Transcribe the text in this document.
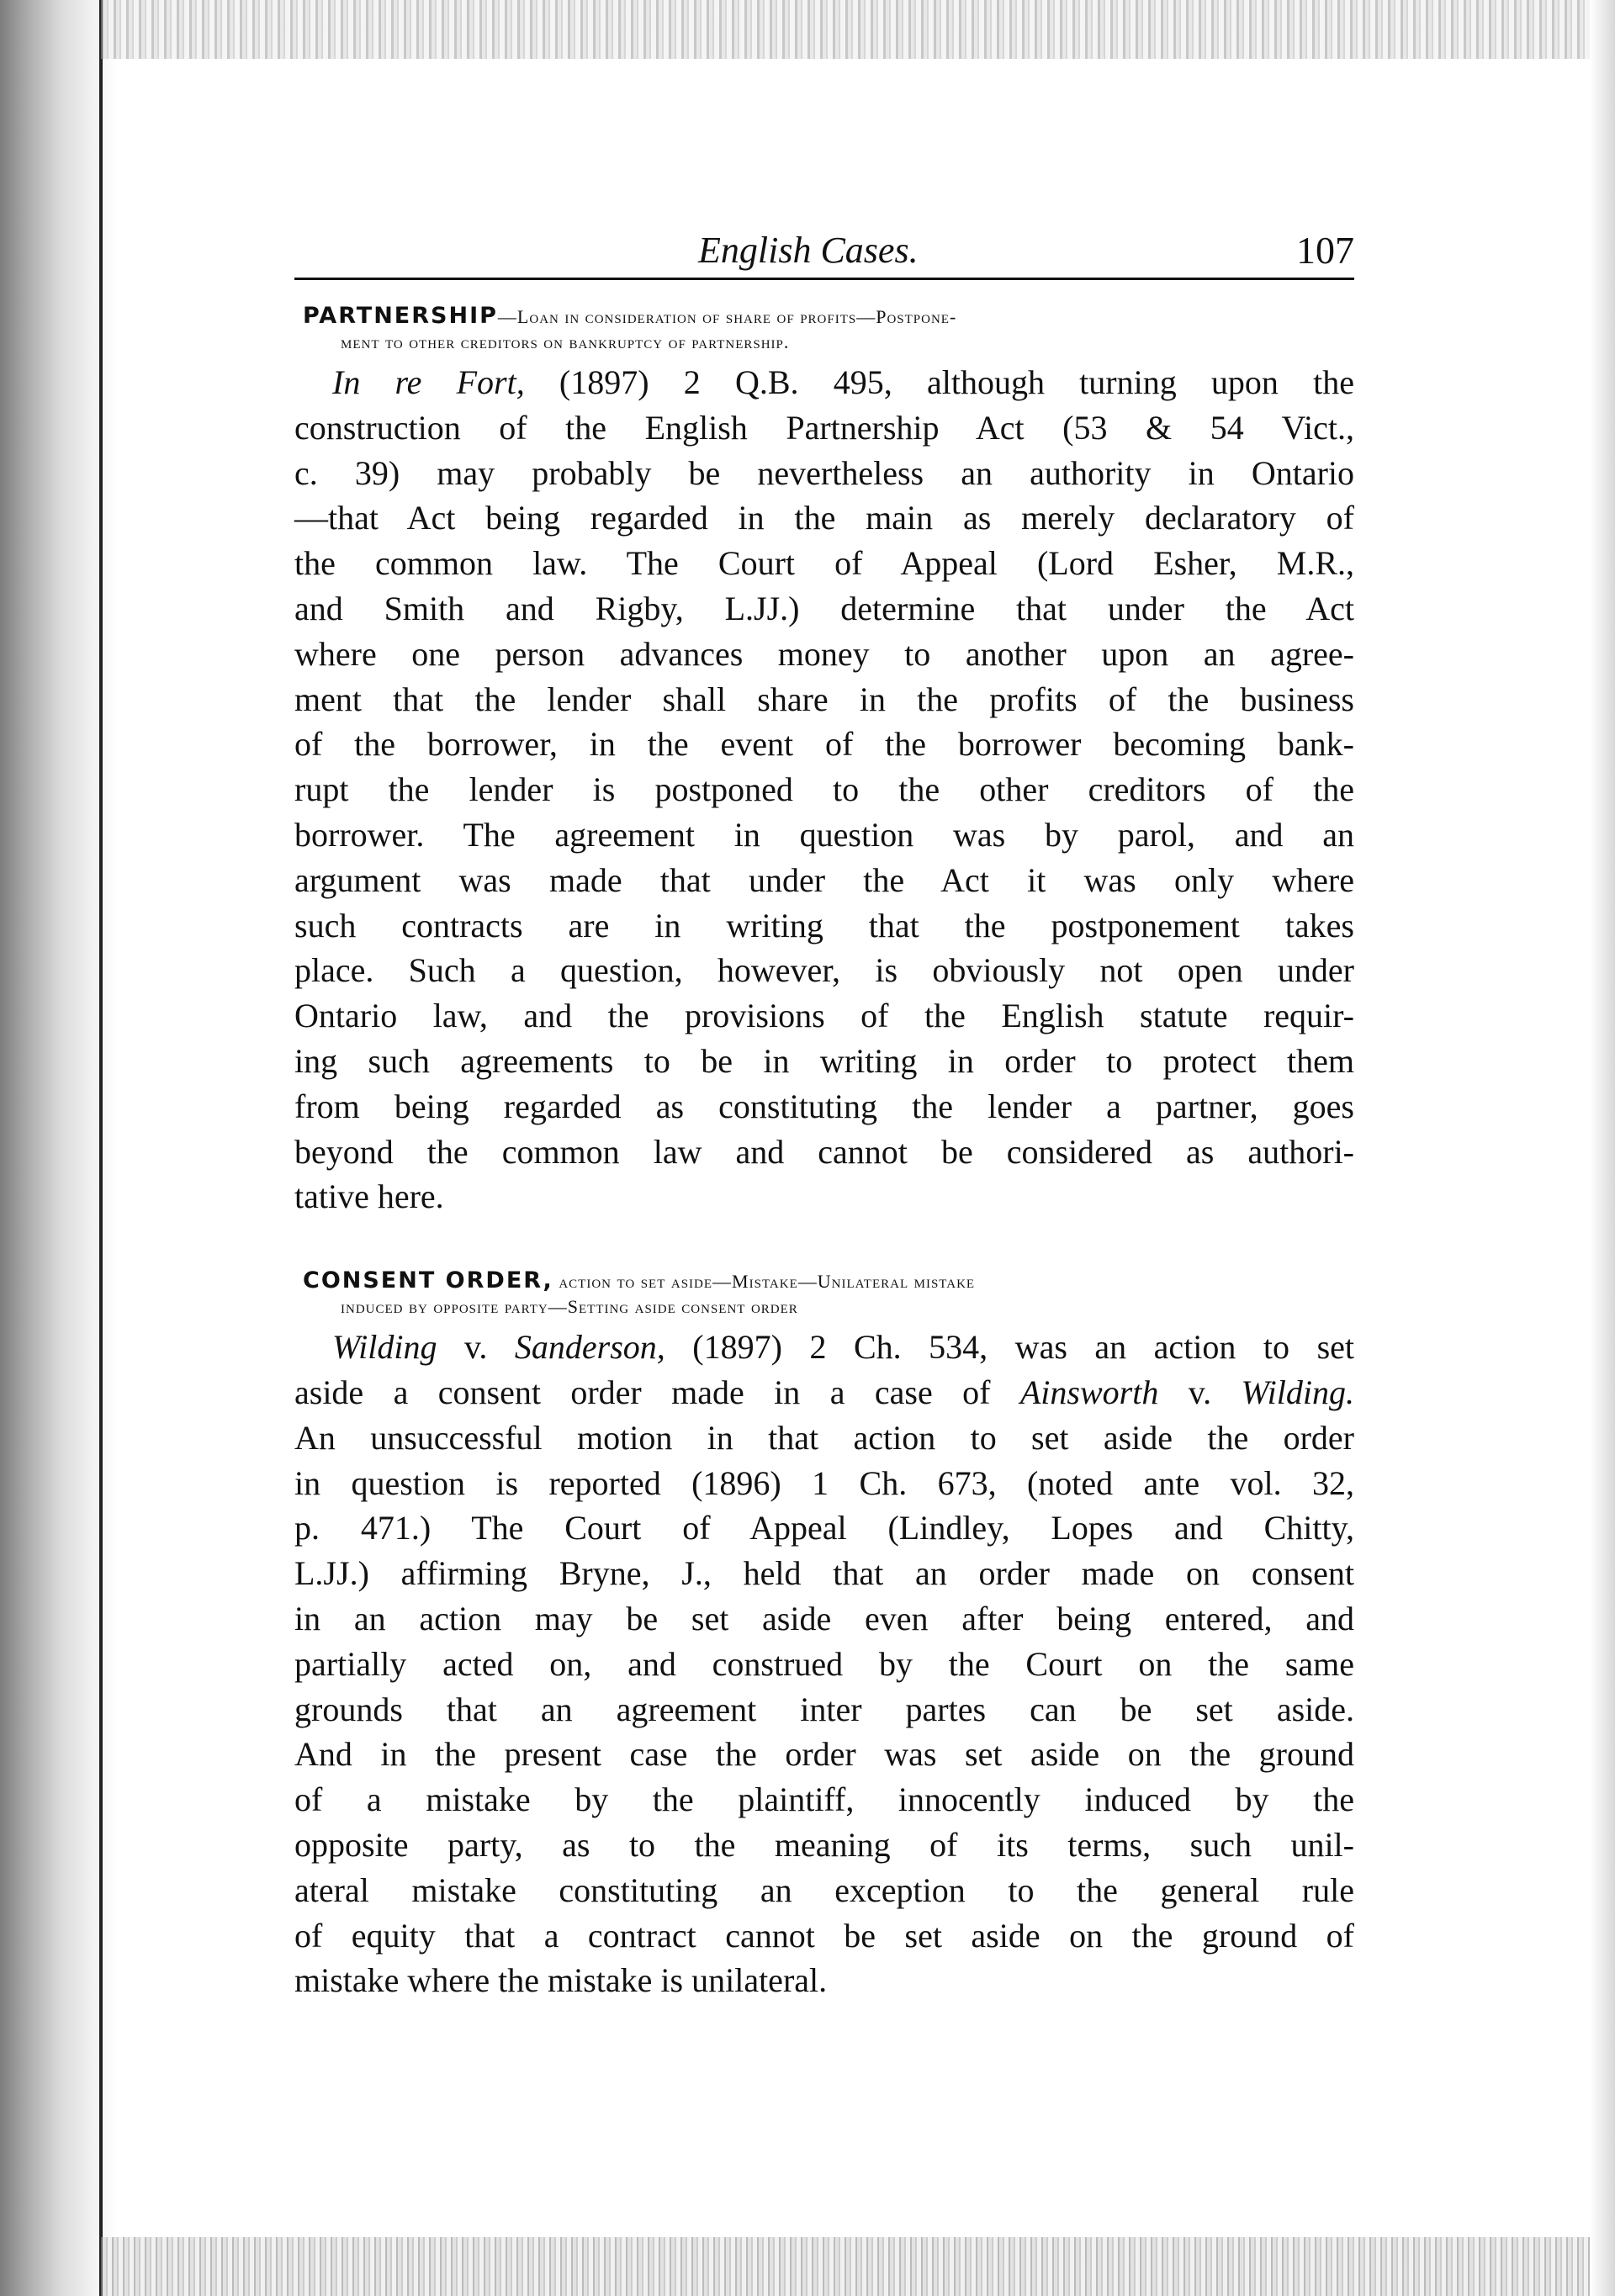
English Cases.	107
PARTNERSHIP—Loan in consideration of share of profits—Postpone-
ment to other creditors on bankruptcy of partnership.
In re Fort, (1897) 2 Q.B. 495, although turning upon the
construction of the English Partnership Act (53 & 54 Vict.,
c. 39) may probably be nevertheless an authority in Ontario
—that Act being regarded in the main as merely declaratory of
the common law. The Court of Appeal (Lord Esher, M.R.,
and Smith and Rigby, L.JJ.) determine that under the Act
where one person advances money to another upon an agree-
ment that the lender shall share in the profits of the business
of the borrower, in the event of the borrower becoming bank-
rupt the lender is postponed to the other creditors of the
borrower. The agreement in question was by parol, and an
argument was made that under the Act it was only where
such contracts are in writing that the postponement takes
place. Such a question, however, is obviously not open under
Ontario law, and the provisions of the English statute requir-
ing such agreements to be in writing in order to protect them
from being regarded as constituting the lender a partner, goes
beyond the common law and cannot be considered as authori-
tative here.
CONSENT ORDER, action to set aside—Mistake—Unilateral mistake
induced by opposite party—Setting aside consent order
Wilding v. Sanderson, (1897) 2 Ch. 534, was an action to set
aside a consent order made in a case of Ainsworth v. Wilding.
An unsuccessful motion in that action to set aside the order
in question is reported (1896) 1 Ch. 673, (noted ante vol. 32,
p. 471.) The Court of Appeal (Lindley, Lopes and Chitty,
L.JJ.) affirming Bryne, J., held that an order made on consent
in an action may be set aside even after being entered, and
partially acted on, and construed by the Court on the same
grounds that an agreement inter partes can be set aside.
And in the present case the order was set aside on the ground
of a mistake by the plaintiff, innocently induced by the
opposite party, as to the meaning of its terms, such unil-
ateral mistake constituting an exception to the general rule
of equity that a contract cannot be set aside on the ground of
mistake where the mistake is unilateral.
